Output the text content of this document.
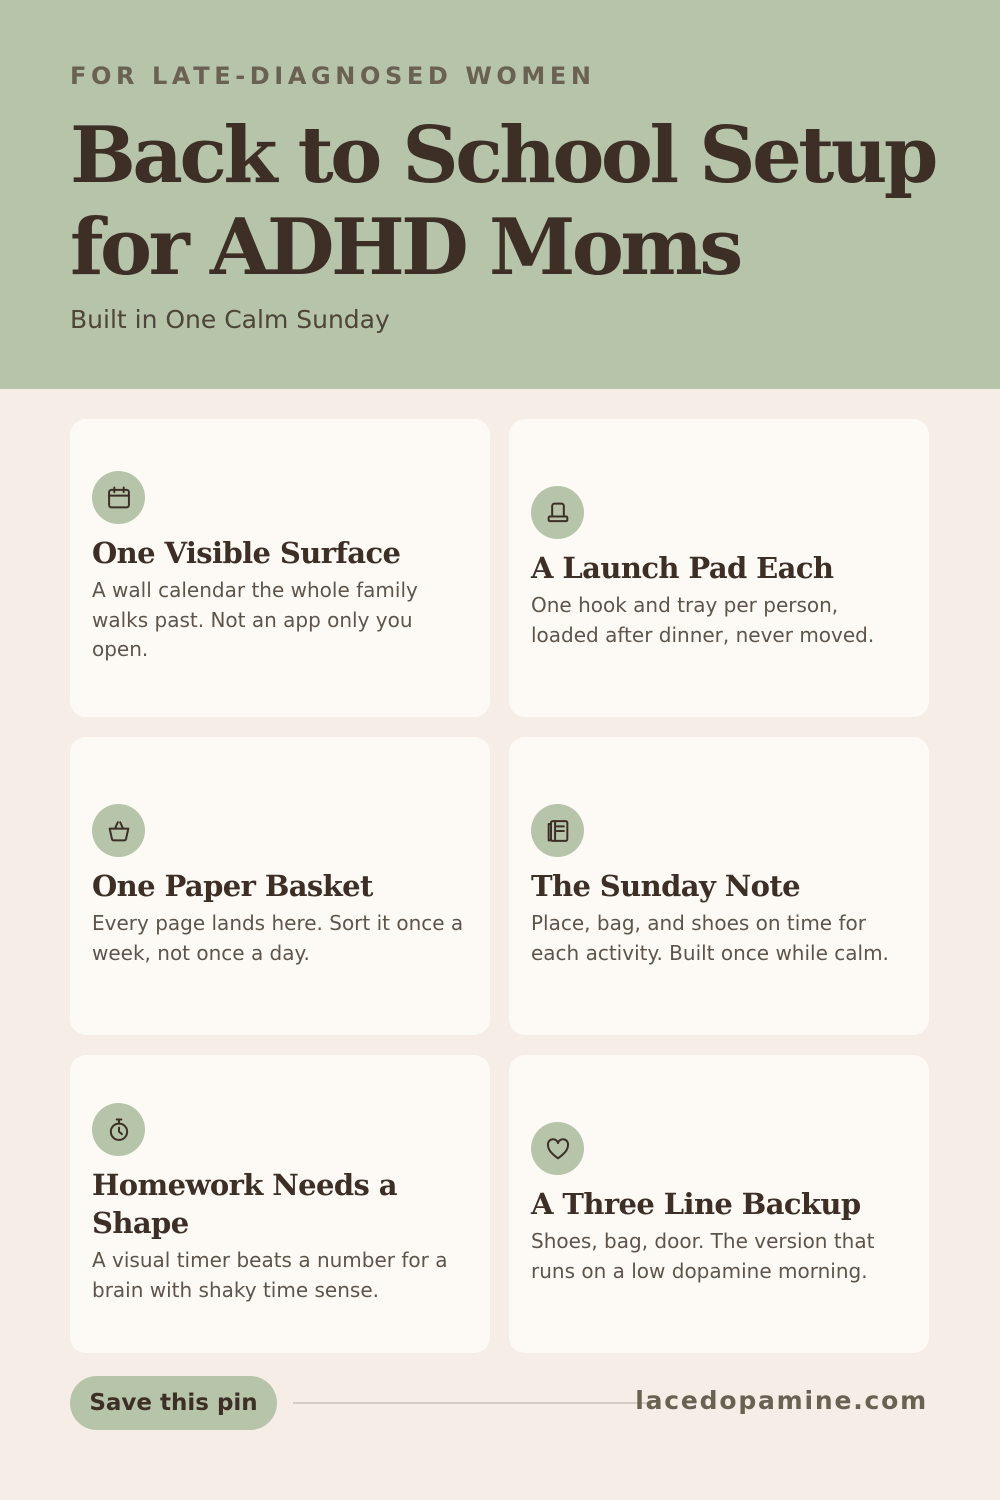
FOR LATE-DIAGNOSED WOMEN
Back to School Setup
for ADHD Moms
Built in One Calm Sunday
One Visible Surface

A wall calendar the whole family walks past. Not an app only you open.

A Launch Pad Each

One hook and tray per person, loaded after dinner, never moved.

One Paper Basket

Every page lands here. Sort it once a week, not once a day.

The Sunday Note

Place, bag, and shoes on time for each activity. Built once while calm.

Homework Needs a Shape

A visual timer beats a number for a brain with shaky time sense.

A Three Line Backup

Shoes, bag, door. The version that runs on a low dopamine morning.

Save this pin	lacedopamine.com
